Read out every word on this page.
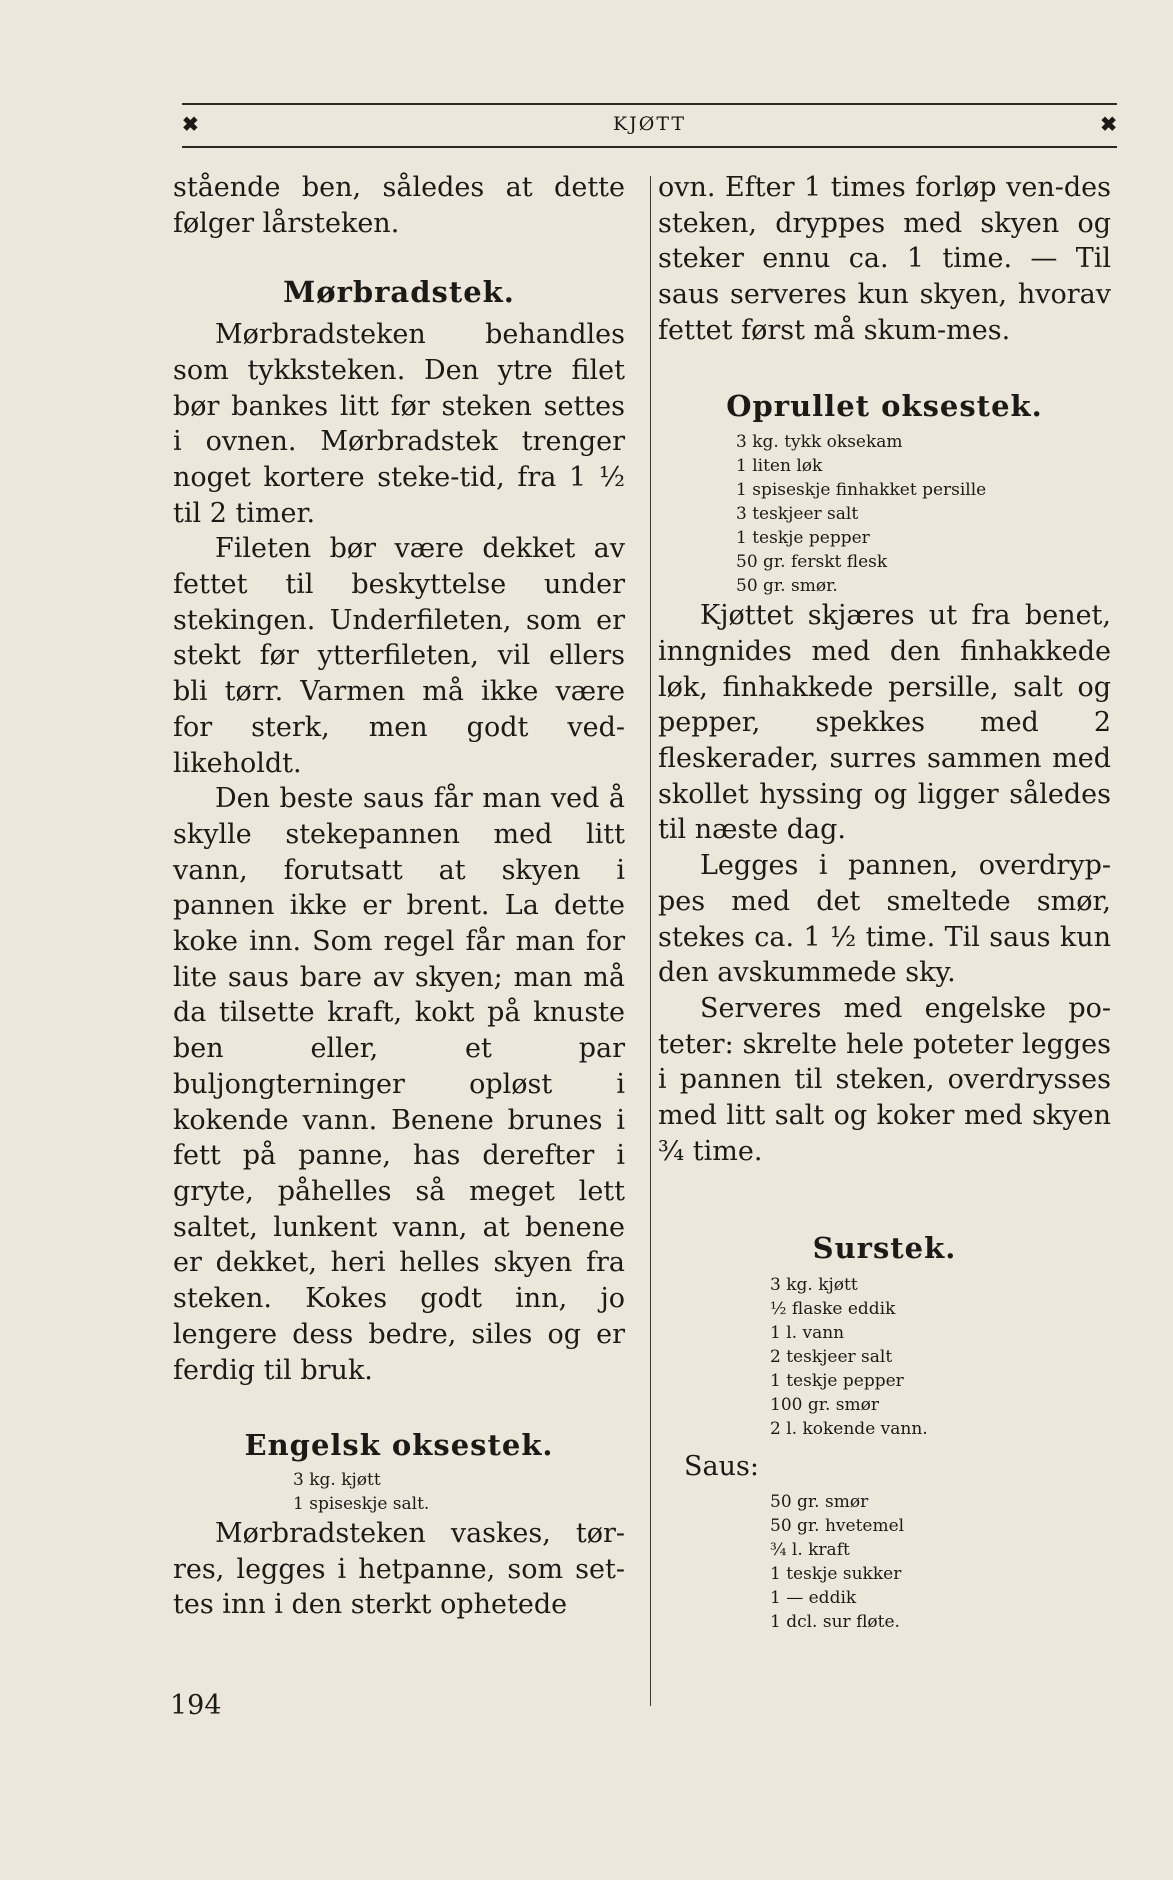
✖	KJØTT	✖

stående ben, således at dette følger lårsteken.

Mørbradstek.

Mørbradsteken behandles som tykksteken. Den ytre filet bør bankes litt før steken settes i ovnen. Mørbradstek trenger noget kortere steke-tid, fra 1 ½ til 2 timer.

Fileten bør være dekket av fettet til beskyttelse under stekingen. Underfileten, som er stekt før ytterfileten, vil ellers bli tørr. Varmen må ikke være for sterk, men godt ved-likeholdt.

Den beste saus får man ved å skylle stekepannen med litt vann, forutsatt at skyen i pannen ikke er brent. La dette koke inn. Som regel får man for lite saus bare av skyen; man må da tilsette kraft, kokt på knuste ben eller, et par buljongterninger opløst i kokende vann. Benene brunes i fett på panne, has derefter i gryte, påhelles så meget lett saltet, lunkent vann, at benene er dekket, heri helles skyen fra steken. Kokes godt inn, jo lengere dess bedre, siles og er ferdig til bruk.

Engelsk oksestek.
3 kg. kjøtt
1 spiseskje salt.

Mørbradsteken vaskes, tør-res, legges i hetpanne, som set-tes inn i den sterkt ophetede

ovn. Efter 1 times forløp ven-des steken, dryppes med skyen og steker ennu ca. 1 time. — Til saus serveres kun skyen, hvorav fettet først må skum-mes.

Oprullet oksestek.
3 kg. tykk oksekam
1 liten løk
1 spiseskje finhakket persille
3 teskjeer salt
1 teskje pepper
50 gr. ferskt flesk
50 gr. smør.

Kjøttet skjæres ut fra benet, inngnides med den finhakkede løk, finhakkede persille, salt og pepper, spekkes med 2 fleskerader, surres sammen med skollet hyssing og ligger således til næste dag.

Legges i pannen, overdryp-pes med det smeltede smør, stekes ca. 1 ½ time. Til saus kun den avskummede sky.

Serveres med engelske po-teter: skrelte hele poteter legges i pannen til steken, overdrysses med litt salt og koker med skyen ¾ time.

Surstek.
3 kg. kjøtt
½ flaske eddik
1 l. vann
2 teskjeer salt
1 teskje pepper
100 gr. smør
2 l. kokende vann.
Saus:
50 gr. smør
50 gr. hvetemel
¾ l. kraft
1 teskje sukker
1 — eddik
1 dcl. sur fløte.
194
